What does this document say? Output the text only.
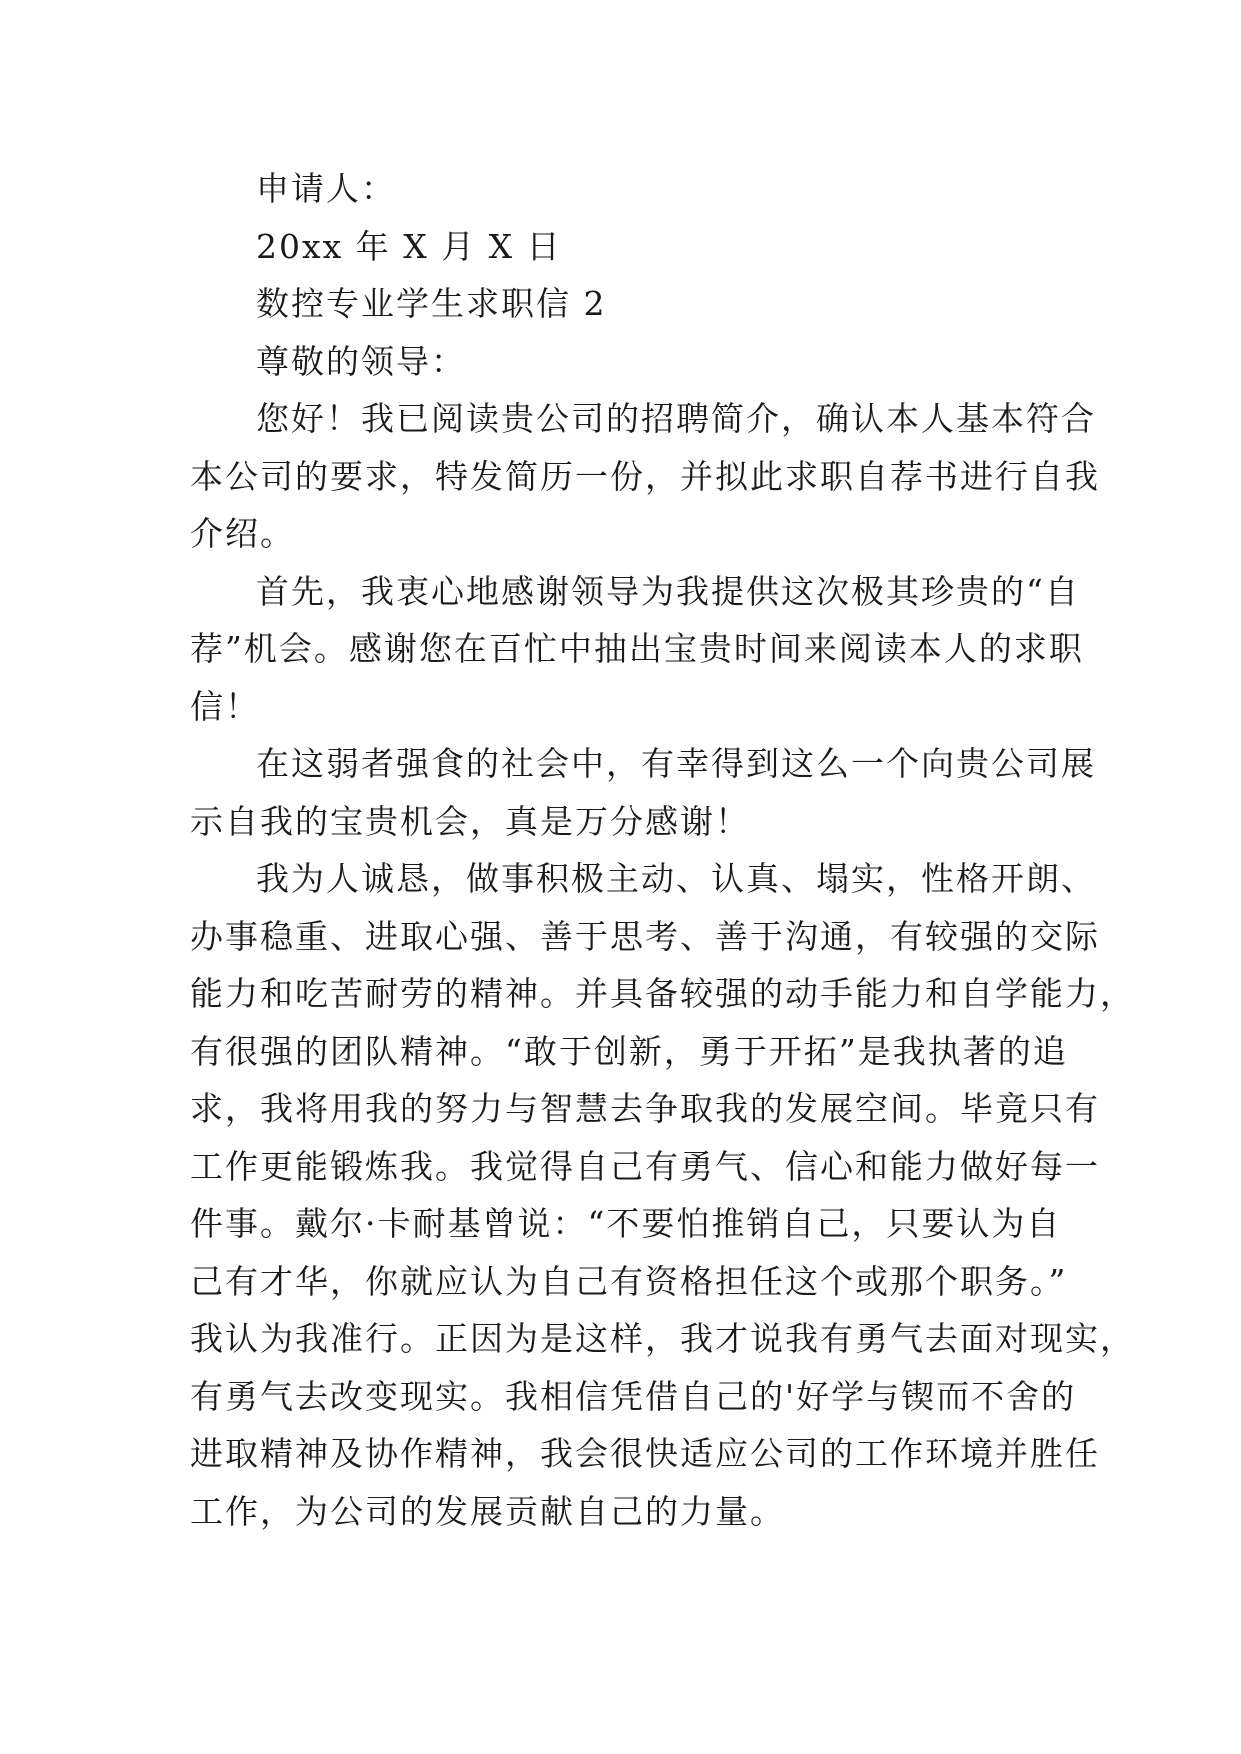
申请人：
20xx 年 X 月 X 日
数控专业学生求职信 2
尊敬的领导：
您好！我已阅读贵公司的招聘简介，确认本人基本符合
本公司的要求，特发简历一份，并拟此求职自荐书进行自我
介绍。
首先，我衷心地感谢领导为我提供这次极其珍贵的“自
荐”机会。感谢您在百忙中抽出宝贵时间来阅读本人的求职
信！
在这弱者强食的社会中，有幸得到这么一个向贵公司展
示自我的宝贵机会，真是万分感谢！
我为人诚恳，做事积极主动、认真、塌实，性格开朗、
办事稳重、进取心强、善于思考、善于沟通，有较强的交际
能力和吃苦耐劳的精神。并具备较强的动手能力和自学能力，
有很强的团队精神。“敢于创新，勇于开拓”是我执著的追
求，我将用我的努力与智慧去争取我的发展空间。毕竟只有
工作更能锻炼我。我觉得自己有勇气、信心和能力做好每一
件事。戴尔·卡耐基曾说：“不要怕推销自己，只要认为自
己有才华，你就应认为自己有资格担任这个或那个职务。”
我认为我准行。正因为是这样，我才说我有勇气去面对现实，
有勇气去改变现实。我相信凭借自己的'好学与锲而不舍的
进取精神及协作精神，我会很快适应公司的工作环境并胜任
工作，为公司的发展贡献自己的力量。
